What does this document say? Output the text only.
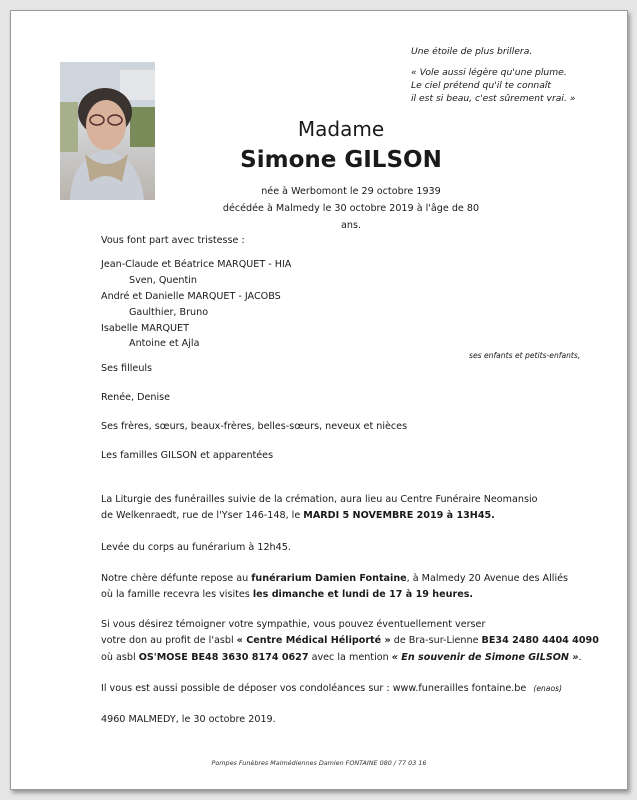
Une étoile de plus brillera.
« Vole aussi légère qu'une plume.
Le ciel prétend qu'il te connaît
il est si beau, c'est sûrement vrai. »
Madame
Simone GILSON
née à Werbomont le 29 octobre 1939
décédée à Malmedy le 30 octobre 2019 à l'âge de 80 ans.
Vous font part avec tristesse :
Jean-Claude et Béatrice MARQUET - HIA
Sven, Quentin
André et Danielle MARQUET - JACOBS
Gaulthier, Bruno
Isabelle MARQUET
Antoine et Ajla
ses enfants et petits-enfants,
Ses filleuls
Renée, Denise
Ses frères, sœurs, beaux-frères, belles-sœurs, neveux et nièces
Les familles GILSON et apparentées
La Liturgie des funérailles suivie de la crémation, aura lieu au Centre Funéraire Neomansio
de Welkenraedt, rue de l'Yser 146-148, le MARDI 5 NOVEMBRE 2019 à 13H45.
Levée du corps au funérarium à 12h45.
Notre chère défunte repose au funérarium Damien Fontaine, à Malmedy 20 Avenue des Alliés
où la famille recevra les visites les dimanche et lundi de 17 à 19 heures.
Si vous désirez témoigner votre sympathie, vous pouvez éventuellement verser
votre don au profit de l'asbl « Centre Médical Héliporté » de Bra-sur-Lienne BE34 2480 4404 4090
où asbl OS'MOSE BE48 3630 8174 0627 avec la mention « En souvenir de Simone GILSON ».
Il vous est aussi possible de déposer vos condoléances sur : www.funerailles fontaine.be (enaos)
4960 MALMEDY, le 30 octobre 2019.
Pompes Funèbres Malmédiennes Damien FONTAINE 080 / 77 03 16
